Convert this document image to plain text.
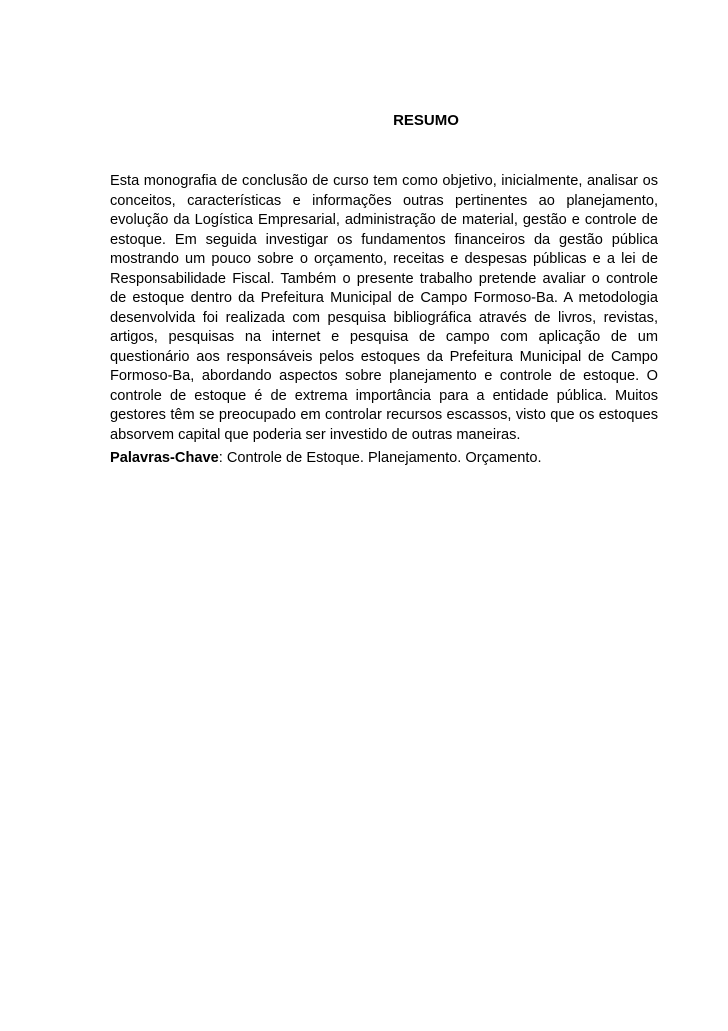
RESUMO

Esta monografia de conclusão de curso tem como objetivo, inicialmente, analisar os conceitos, características e informações outras pertinentes ao planejamento, evolução da Logística Empresarial, administração de material, gestão e controle de estoque. Em seguida investigar os fundamentos financeiros da gestão pública mostrando um pouco sobre o orçamento, receitas e despesas públicas e a lei de Responsabilidade Fiscal. Também o presente trabalho pretende avaliar o controle de estoque dentro da Prefeitura Municipal de Campo Formoso-Ba. A metodologia desenvolvida foi realizada com pesquisa bibliográfica através de livros, revistas, artigos, pesquisas na internet e pesquisa de campo com aplicação de um questionário aos responsáveis pelos estoques da Prefeitura Municipal de Campo Formoso-Ba, abordando aspectos sobre planejamento e controle de estoque. O controle de estoque é de extrema importância para a entidade pública. Muitos gestores têm se preocupado em controlar recursos escassos, visto que os estoques absorvem capital que poderia ser investido de outras maneiras.

Palavras-Chave: Controle de Estoque. Planejamento. Orçamento.
